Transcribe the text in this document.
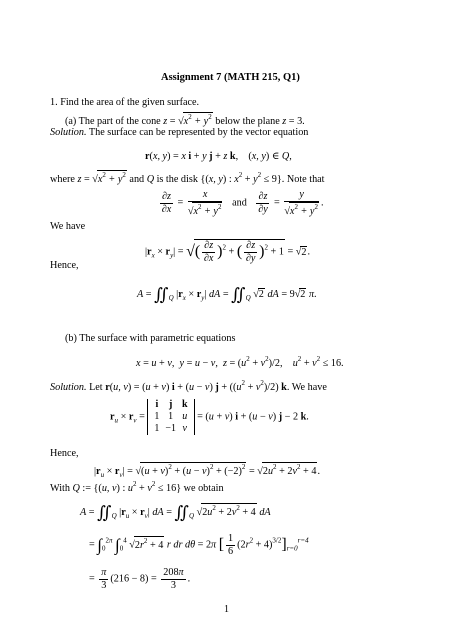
Assignment 7 (MATH 215, Q1)
1. Find the area of the given surface.
(a) The part of the cone $z = √x^2 + y^2$ below the plane z = 3.
Solution. The surface can be represented by the vector equation
r(x, y) = x i + y j + z k,    (x, y) ∈ Q,
where $z = √x^2 + y^2$ and Q is the disk {(x, y) : $x^2 + y^2 \le 9$}. Note that
$\frac{\partial z}{\partial x} = \frac{x}{√x^2 + y^2}$ and $\frac{\partial z}{\partial y} = \frac{y}{√x^2 + y^2}$ .
We have
$|r_x \times r_y|$ = √( $\frac{\partial z}{\partial x} )^2$ + ( $\frac{\partial z}{\partial y} )^2 + 1 = √2$.
Hence,
$A = ∬_Q$ $|r_x \times r_y|$ dA = $∬_Q$ √2 dA = 9√2 π.
(b) The surface with parametric equations
x = u + v,  y = u − v,  $z = (u^2 + v^2)/2$,    $u^2 + v^2 \le 16$.
Solution. Let r(u, v) = (u + v) i + (u − v) $j + ((u^2 + v^2)/2)$ k. We have
$r_u \times r_v$ =
i	j	k
1	1	u
1	−1	v
= (u + v) i + (u − v) j − 2 k.
Hence,
$|r_u \times r_v| = √(u + v)^2 + (u - v)^2 + (-2)^2 = √2u^2 + 2v^2 + 4$.
With Q := {(u, v) : $u^2 + v^2 \le 16$} we obtain
$A = ∬_Q$ $|r_u \times r_v|$ dA = $∬_Q$ $√2u^2 + 2v^2 + 4$ dA
= $\int_0^{2\pi}$ $\int_0^4$ $√2r^2 + 4$ r dr dθ = 2π [ $\frac{1}{6} (2r^2 + 4)^{3/2}]_{r=0}^{r=4}$
= $\frac{\pi}{3} (216 - 8) = \frac{208\pi}{3}$ .
1
